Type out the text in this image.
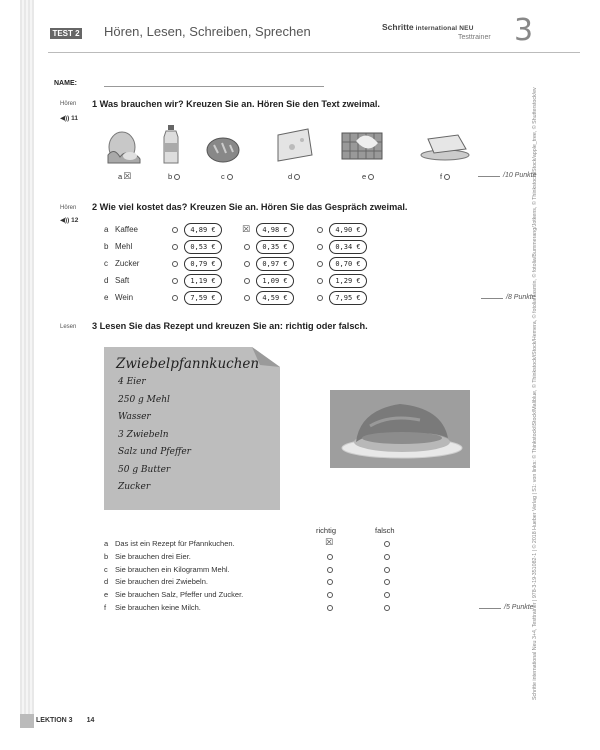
TEST 2 Hören, Lesen, Schreiben, Sprechen	Schritte international NEU
Testtrainer 3
NAME:
Hören
◀)) 11
1 Was brauchen wir? Kreuzen Sie an. Hören Sie den Text zweimal.
a☒	b	c	d	e	f	/10 Punkte
Hören
◀)) 12
2 Wie viel kostet das? Kreuzen Sie an. Hören Sie das Gespräch zweimal.
a Kaffee	4,89 €	☒	4,98 €	4,90 €
b Mehl	0,53 €	0,35 €	0,34 €
c Zucker	0,79 €	0,97 €	0,70 €
d Saft	1,19 €	1,09 €	1,29 €
e Wein	7,59 €	4,59 €	7,95 €	/8 Punkte
Lesen 3 Lesen Sie das Rezept und kreuzen Sie an: richtig oder falsch.
Zwiebelpfannkuchen
4 Eier
250 g Mehl
Wasser
3 Zwiebeln
Salz und Pfeffer
50 g Butter
Zucker
richtig	falsch
a Das ist ein Rezept für Pfannkuchen.	☒
b Sie brauchen drei Eier.
c Sie brauchen ein Kilogramm Mehl.
d Sie brauchen drei Zwiebeln.
e Sie brauchen Salz, Pfeffer und Zucker.
f Sie brauchen keine Milch.	/5 Punkte
Schritte international Neu 3+4, Testtrainer | 978-3-19-351082-1 | © 2018 Hueber Verlag | S1: von links: © Thinkstock/iStock/Maliblue, © Thinkstock/iStock/Hemera, © fotolia/Jasmin, © fotolia/Bummerang/Jotkens, © Thinkstock/iStock/apple_tree, © Shutterstock/ev
LEKTION 3 14
